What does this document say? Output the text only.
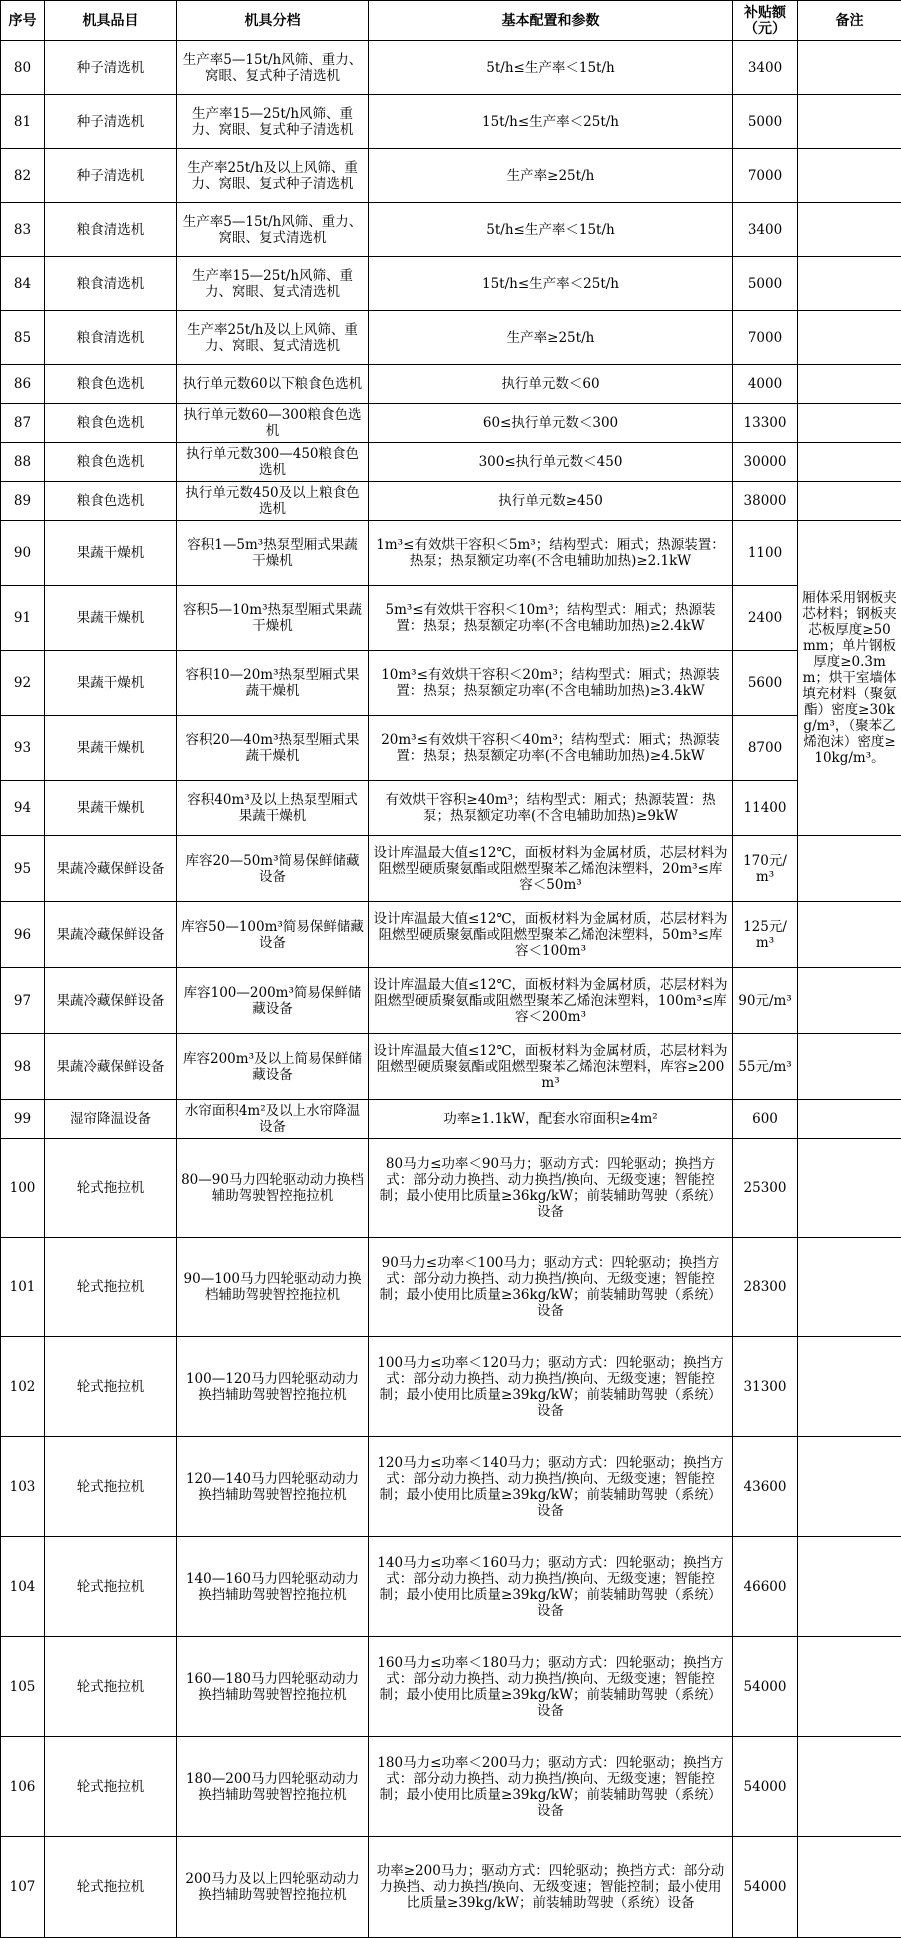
序号	机具品目	机具分档	基本配置和参数	补贴额（元）	备注
80	种子清选机	生产率5—15t/h风筛、重力、窝眼、复式种子清选机	5t/h≤生产率＜15t/h	3400	
81	种子清选机	生产率15—25t/h风筛、重力、窝眼、复式种子清选机	15t/h≤生产率＜25t/h	5000	
82	种子清选机	生产率25t/h及以上风筛、重力、窝眼、复式种子清选机	生产率≥25t/h	7000	
83	粮食清选机	生产率5—15t/h风筛、重力、窝眼、复式清选机	5t/h≤生产率＜15t/h	3400	
84	粮食清选机	生产率15—25t/h风筛、重力、窝眼、复式清选机	15t/h≤生产率＜25t/h	5000	
85	粮食清选机	生产率25t/h及以上风筛、重力、窝眼、复式清选机	生产率≥25t/h	7000	
86	粮食色选机	执行单元数60以下粮食色选机	执行单元数＜60	4000	
87	粮食色选机	执行单元数60—300粮食色选机	60≤执行单元数＜300	13300	
88	粮食色选机	执行单元数300—450粮食色选机	300≤执行单元数＜450	30000	
89	粮食色选机	执行单元数450及以上粮食色选机	执行单元数≥450	38000	
90	果蔬干燥机	容积1—5m³热泵型厢式果蔬干燥机	1m³≤有效烘干容积＜5m³；结构型式：厢式；热源装置：热泵；热泵额定功率(不含电辅助加热)≥2.1kW	1100	厢体采用钢板夹芯材料；钢板夹芯板厚度≥50mm；单片钢板厚度≥0.3mm；烘干室墙体填充材料（聚氨酯）密度≥30kg/m³，（聚苯乙烯泡沫）密度≥10kg/m³。
91	果蔬干燥机	容积5—10m³热泵型厢式果蔬干燥机	5m³≤有效烘干容积＜10m³；结构型式：厢式；热源装置：热泵；热泵额定功率(不含电辅助加热)≥2.4kW	2400	
92	果蔬干燥机	容积10—20m³热泵型厢式果蔬干燥机	10m³≤有效烘干容积＜20m³；结构型式：厢式；热源装置：热泵；热泵额定功率(不含电辅助加热)≥3.4kW	5600	
93	果蔬干燥机	容积20—40m³热泵型厢式果蔬干燥机	20m³≤有效烘干容积＜40m³；结构型式：厢式；热源装置：热泵；热泵额定功率(不含电辅助加热)≥4.5kW	8700	
94	果蔬干燥机	容积40m³及以上热泵型厢式果蔬干燥机	有效烘干容积≥40m³；结构型式：厢式；热源装置：热泵；热泵额定功率(不含电辅助加热)≥9kW	11400	
95	果蔬冷藏保鲜设备	库容20—50m³简易保鲜储藏设备	设计库温最大值≤12℃，面板材料为金属材质，芯层材料为阻燃型硬质聚氨酯或阻燃型聚苯乙烯泡沫塑料，20m³≤库容＜50m³	170元/m³	
96	果蔬冷藏保鲜设备	库容50—100m³简易保鲜储藏设备	设计库温最大值≤12℃，面板材料为金属材质，芯层材料为阻燃型硬质聚氨酯或阻燃型聚苯乙烯泡沫塑料，50m³≤库容＜100m³	125元/m³	
97	果蔬冷藏保鲜设备	库容100—200m³简易保鲜储藏设备	设计库温最大值≤12℃，面板材料为金属材质，芯层材料为阻燃型硬质聚氨酯或阻燃型聚苯乙烯泡沫塑料，100m³≤库容＜200m³	90元/m³	
98	果蔬冷藏保鲜设备	库容200m³及以上简易保鲜储藏设备	设计库温最大值≤12℃，面板材料为金属材质，芯层材料为阻燃型硬质聚氨酯或阻燃型聚苯乙烯泡沫塑料，库容≥200m³	55元/m³	
99	湿帘降温设备	水帘面积4m²及以上水帘降温设备	功率≥1.1kW，配套水帘面积≥4m²	600	
100	轮式拖拉机	80—90马力四轮驱动动力换档辅助驾驶智控拖拉机	80马力≤功率＜90马力；驱动方式：四轮驱动；换挡方式：部分动力换挡、动力换挡/换向、无级变速；智能控制；最小使用比质量≥36kg/kW；前装辅助驾驶（系统）设备	25300	
101	轮式拖拉机	90—100马力四轮驱动动力换档辅助驾驶智控拖拉机	90马力≤功率＜100马力；驱动方式：四轮驱动；换挡方式：部分动力换挡、动力换挡/换向、无级变速；智能控制；最小使用比质量≥36kg/kW；前装辅助驾驶（系统）设备	28300	
102	轮式拖拉机	100—120马力四轮驱动动力换挡辅助驾驶智控拖拉机	100马力≤功率＜120马力；驱动方式：四轮驱动；换挡方式：部分动力换挡、动力换挡/换向、无级变速；智能控制；最小使用比质量≥39kg/kW；前装辅助驾驶（系统）设备	31300	
103	轮式拖拉机	120—140马力四轮驱动动力换挡辅助驾驶智控拖拉机	120马力≤功率＜140马力；驱动方式：四轮驱动；换挡方式：部分动力换挡、动力换挡/换向、无级变速；智能控制；最小使用比质量≥39kg/kW；前装辅助驾驶（系统）设备	43600	
104	轮式拖拉机	140—160马力四轮驱动动力换挡辅助驾驶智控拖拉机	140马力≤功率＜160马力；驱动方式：四轮驱动；换挡方式：部分动力换挡、动力换挡/换向、无级变速；智能控制；最小使用比质量≥39kg/kW；前装辅助驾驶（系统）设备	46600	
105	轮式拖拉机	160—180马力四轮驱动动力换挡辅助驾驶智控拖拉机	160马力≤功率＜180马力；驱动方式：四轮驱动；换挡方式：部分动力换挡、动力换挡/换向、无级变速；智能控制；最小使用比质量≥39kg/kW；前装辅助驾驶（系统）设备	54000	
106	轮式拖拉机	180—200马力四轮驱动动力换挡辅助驾驶智控拖拉机	180马力≤功率＜200马力；驱动方式：四轮驱动；换挡方式：部分动力换挡、动力换挡/换向、无级变速；智能控制；最小使用比质量≥39kg/kW；前装辅助驾驶（系统）设备	54000	
107	轮式拖拉机	200马力及以上四轮驱动动力换挡辅助驾驶智控拖拉机	功率≥200马力；驱动方式：四轮驱动；换挡方式：部分动力换挡、动力换挡/换向、无级变速；智能控制；最小使用比质量≥39kg/kW；前装辅助驾驶（系统）设备	54000	
